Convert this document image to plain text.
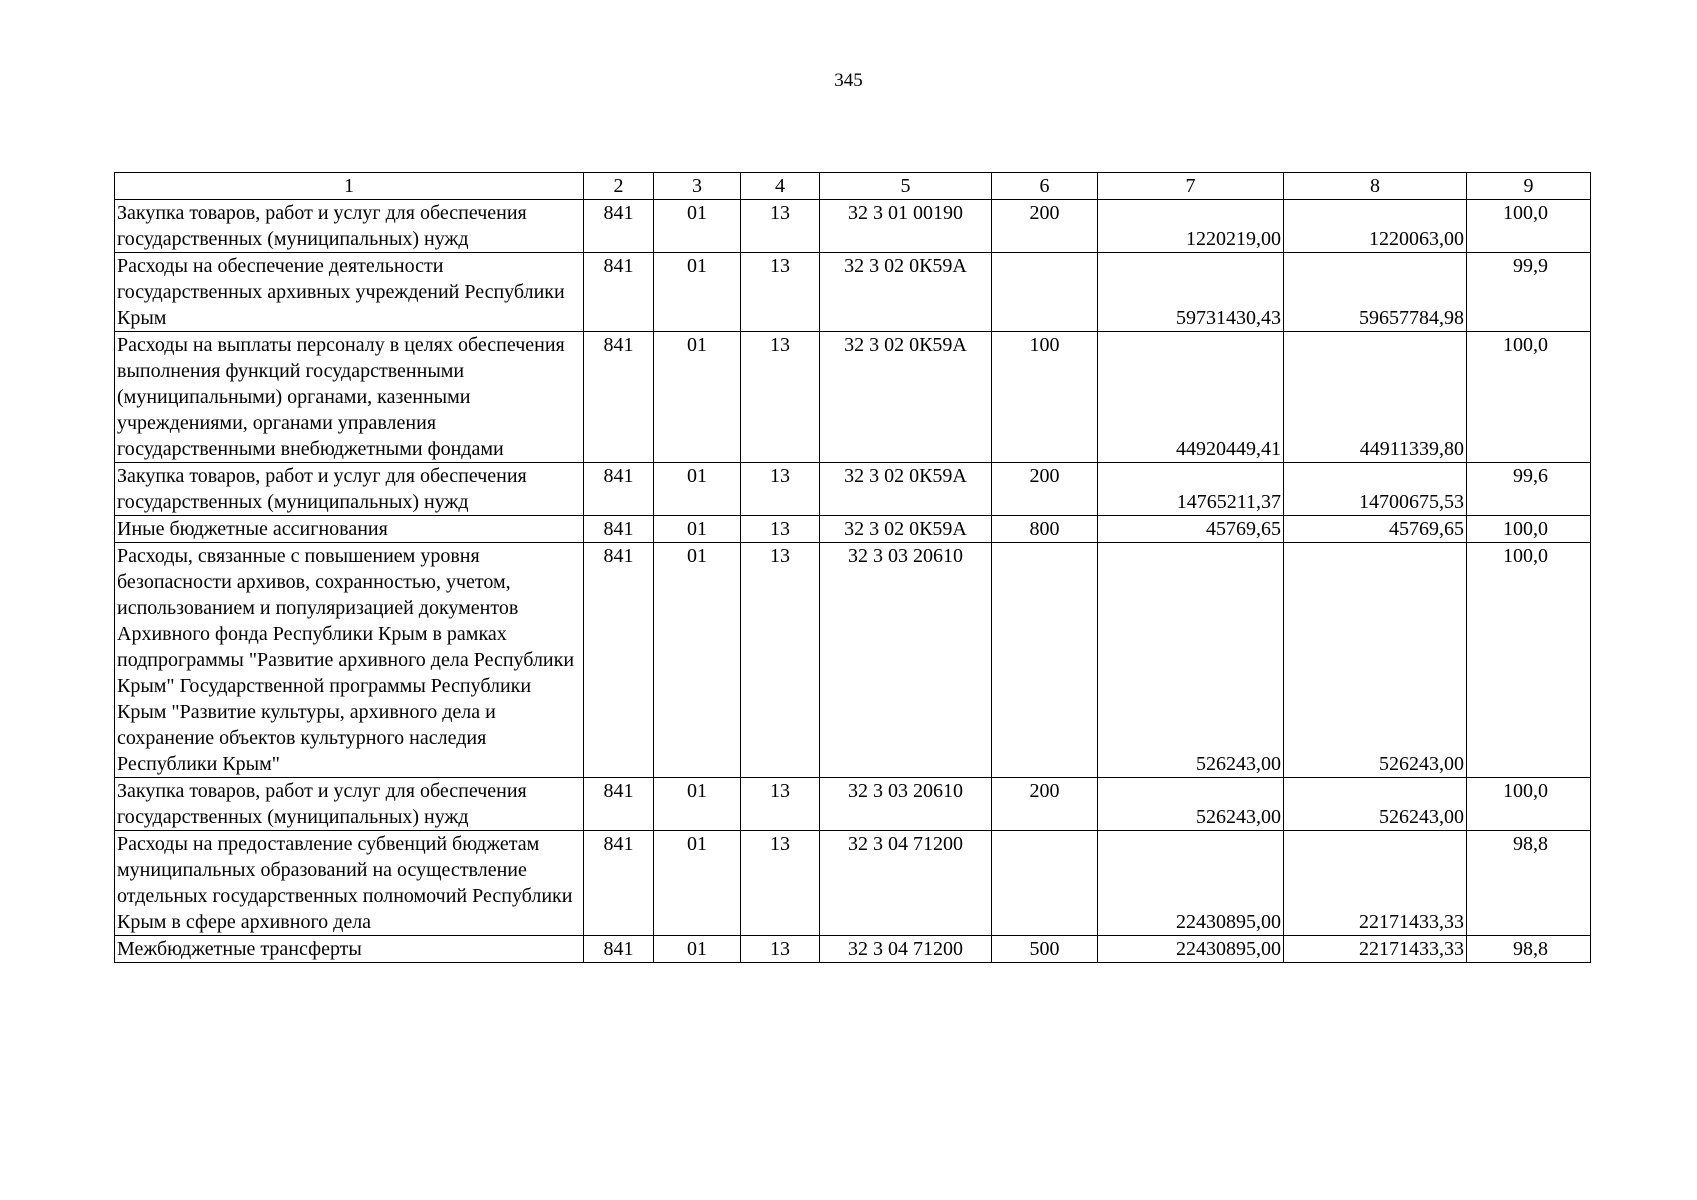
345
1	2	3	4	5	6	7	8	9
Закупка товаров, работ и услуг для обеспечения государственных (муниципальных) нужд	841	01	13	32 3 01 00190	200	1220219,00	1220063,00	100,0
Расходы на обеспечение деятельности государственных архивных учреждений Республики Крым	841	01	13	32 3 02 0К59А		59731430,43	59657784,98	99,9
Расходы на выплаты персоналу в целях обеспечения выполнения функций государственными (муниципальными) органами, казенными учреждениями, органами управления государственными внебюджетными фондами	841	01	13	32 3 02 0К59А	100	44920449,41	44911339,80	100,0
Закупка товаров, работ и услуг для обеспечения государственных (муниципальных) нужд	841	01	13	32 3 02 0К59А	200	14765211,37	14700675,53	99,6
Иные бюджетные ассигнования	841	01	13	32 3 02 0К59А	800	45769,65	45769,65	100,0
Расходы, связанные с повышением уровня безопасности архивов, сохранностью, учетом, использованием и популяризацией документов Архивного фонда Республики Крым в рамках подпрограммы "Развитие архивного дела Республики Крым" Государственной программы Республики Крым "Развитие культуры, архивного дела и сохранение объектов культурного наследия Республики Крым"	841	01	13	32 3 03 20610		526243,00	526243,00	100,0
Закупка товаров, работ и услуг для обеспечения государственных (муниципальных) нужд	841	01	13	32 3 03 20610	200	526243,00	526243,00	100,0
Расходы на предоставление субвенций бюджетам муниципальных образований на осуществление отдельных государственных полномочий Республики Крым в сфере архивного дела	841	01	13	32 3 04 71200		22430895,00	22171433,33	98,8
Межбюджетные трансферты	841	01	13	32 3 04 71200	500	22430895,00	22171433,33	98,8
